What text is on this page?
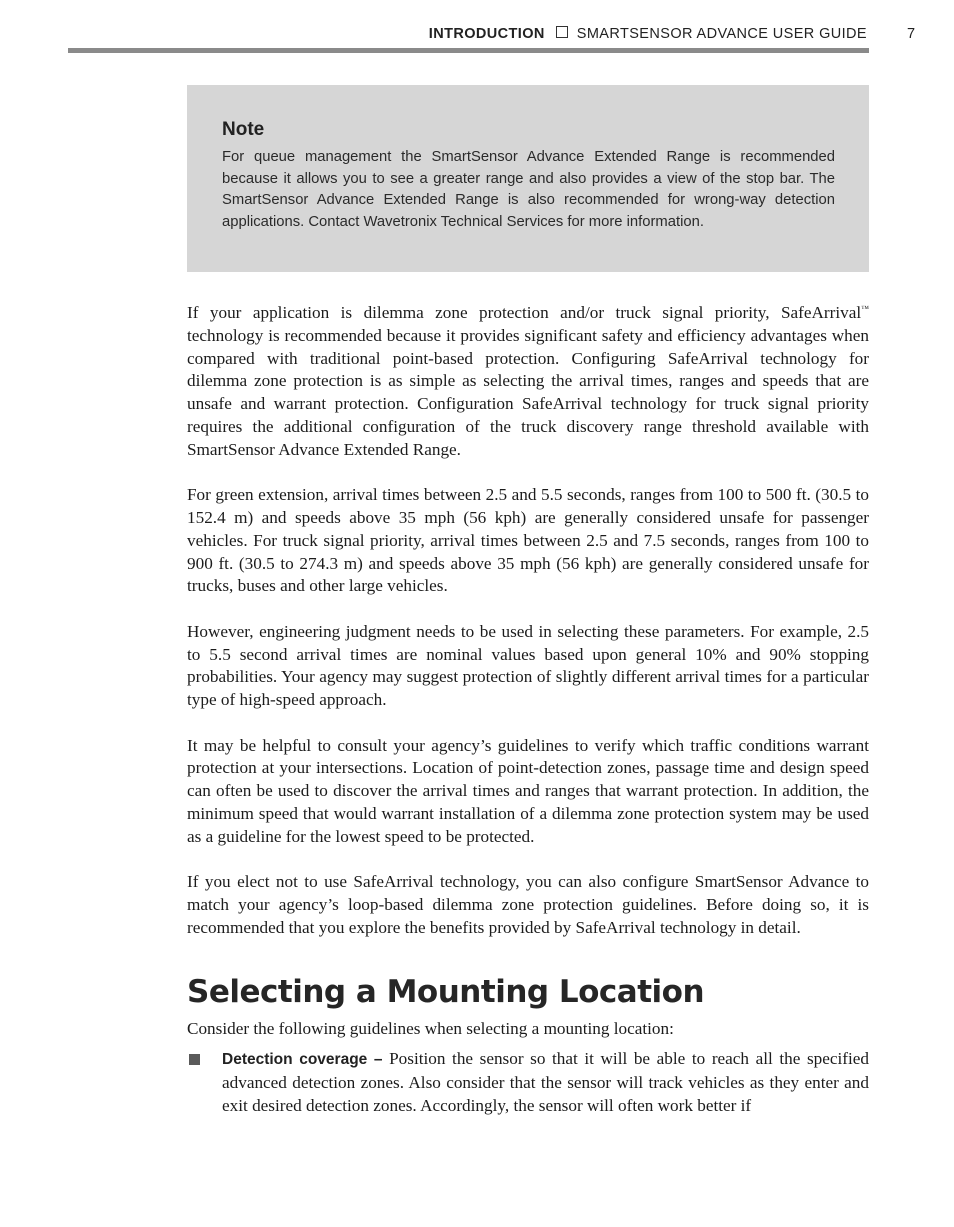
INTRODUCTION SMARTSENSOR ADVANCE USER GUIDE	7
Note
For queue management the SmartSensor Advance Extended Range is recommended because it allows you to see a greater range and also provides a view of the stop bar. The SmartSensor Advance Extended Range is also recommended for wrong-way detection applications. Contact Wavetronix Technical Services for more information.

If your application is dilemma zone protection and/or truck signal priority, SafeArrival™ technology is recommended because it provides significant safety and efficiency advantages when compared with traditional point-based protection. Configuring SafeArrival technology for dilemma zone protection is as simple as selecting the arrival times, ranges and speeds that are unsafe and warrant protection. Configuration SafeArrival technology for truck signal priority requires the additional configuration of the truck discovery range threshold available with SmartSensor Advance Extended Range.

For green extension, arrival times between 2.5 and 5.5 seconds, ranges from 100 to 500 ft. (30.5 to 152.4 m) and speeds above 35 mph (56 kph) are generally considered unsafe for passenger vehicles. For truck signal priority, arrival times between 2.5 and 7.5 seconds, ranges from 100 to 900 ft. (30.5 to 274.3 m) and speeds above 35 mph (56 kph) are generally considered unsafe for trucks, buses and other large vehicles.

However, engineering judgment needs to be used in selecting these parameters. For example, 2.5 to 5.5 second arrival times are nominal values based upon general 10% and 90% stopping probabilities. Your agency may suggest protection of slightly different arrival times for a particular type of high-speed approach.

It may be helpful to consult your agency’s guidelines to verify which traffic conditions warrant protection at your intersections. Location of point-detection zones, passage time and design speed can often be used to discover the arrival times and ranges that warrant protection. In addition, the minimum speed that would warrant installation of a dilemma zone protection system may be used as a guideline for the lowest speed to be protected.

If you elect not to use SafeArrival technology, you can also configure SmartSensor Advance to match your agency’s loop-based dilemma zone protection guidelines. Before doing so, it is recommended that you explore the benefits provided by SafeArrival technology in detail.

Selecting a Mounting Location

Consider the following guidelines when selecting a mounting location:

Detection coverage – Position the sensor so that it will be able to reach all the specified advanced detection zones. Also consider that the sensor will track vehicles as they enter and exit desired detection zones. Accordingly, the sensor will often work better if
